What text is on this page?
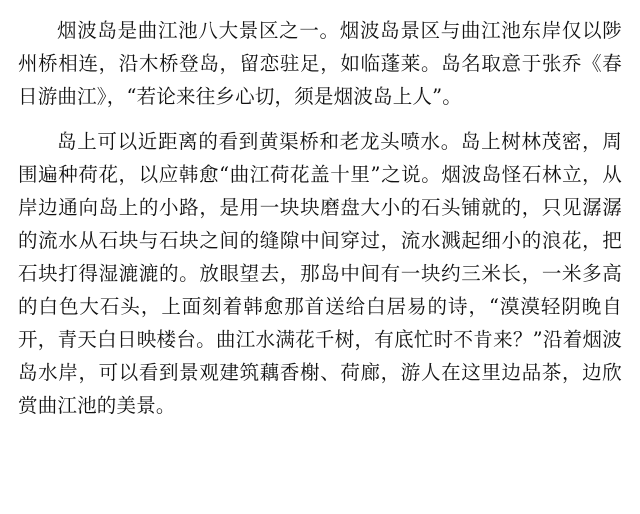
烟波岛是曲江池八大景区之一。烟波岛景区与曲江池东岸仅以陟州桥相连，沿木桥登岛，留恋驻足，如临蓬莱。岛名取意于张乔《春日游曲江》，“若论来往乡心切，须是烟波岛上人”。

岛上可以近距离的看到黄渠桥和老龙头喷水。岛上树林茂密，周围遍种荷花，以应韩愈“曲江荷花盖十里”之说。烟波岛怪石林立，从岸边通向岛上的小路，是用一块块磨盘大小的石头铺就的，只见潺潺的流水从石块与石块之间的缝隙中间穿过，流水溅起细小的浪花，把石块打得湿漉漉的。放眼望去，那岛中间有一块约三米长，一米多高的白色大石头，上面刻着韩愈那首送给白居易的诗，“漠漠轻阴晚自开，青天白日映楼台。曲江水满花千树，有底忙时不肯来？”沿着烟波岛水岸，可以看到景观建筑藕香榭、荷廊，游人在这里边品茶，边欣赏曲江池的美景。
